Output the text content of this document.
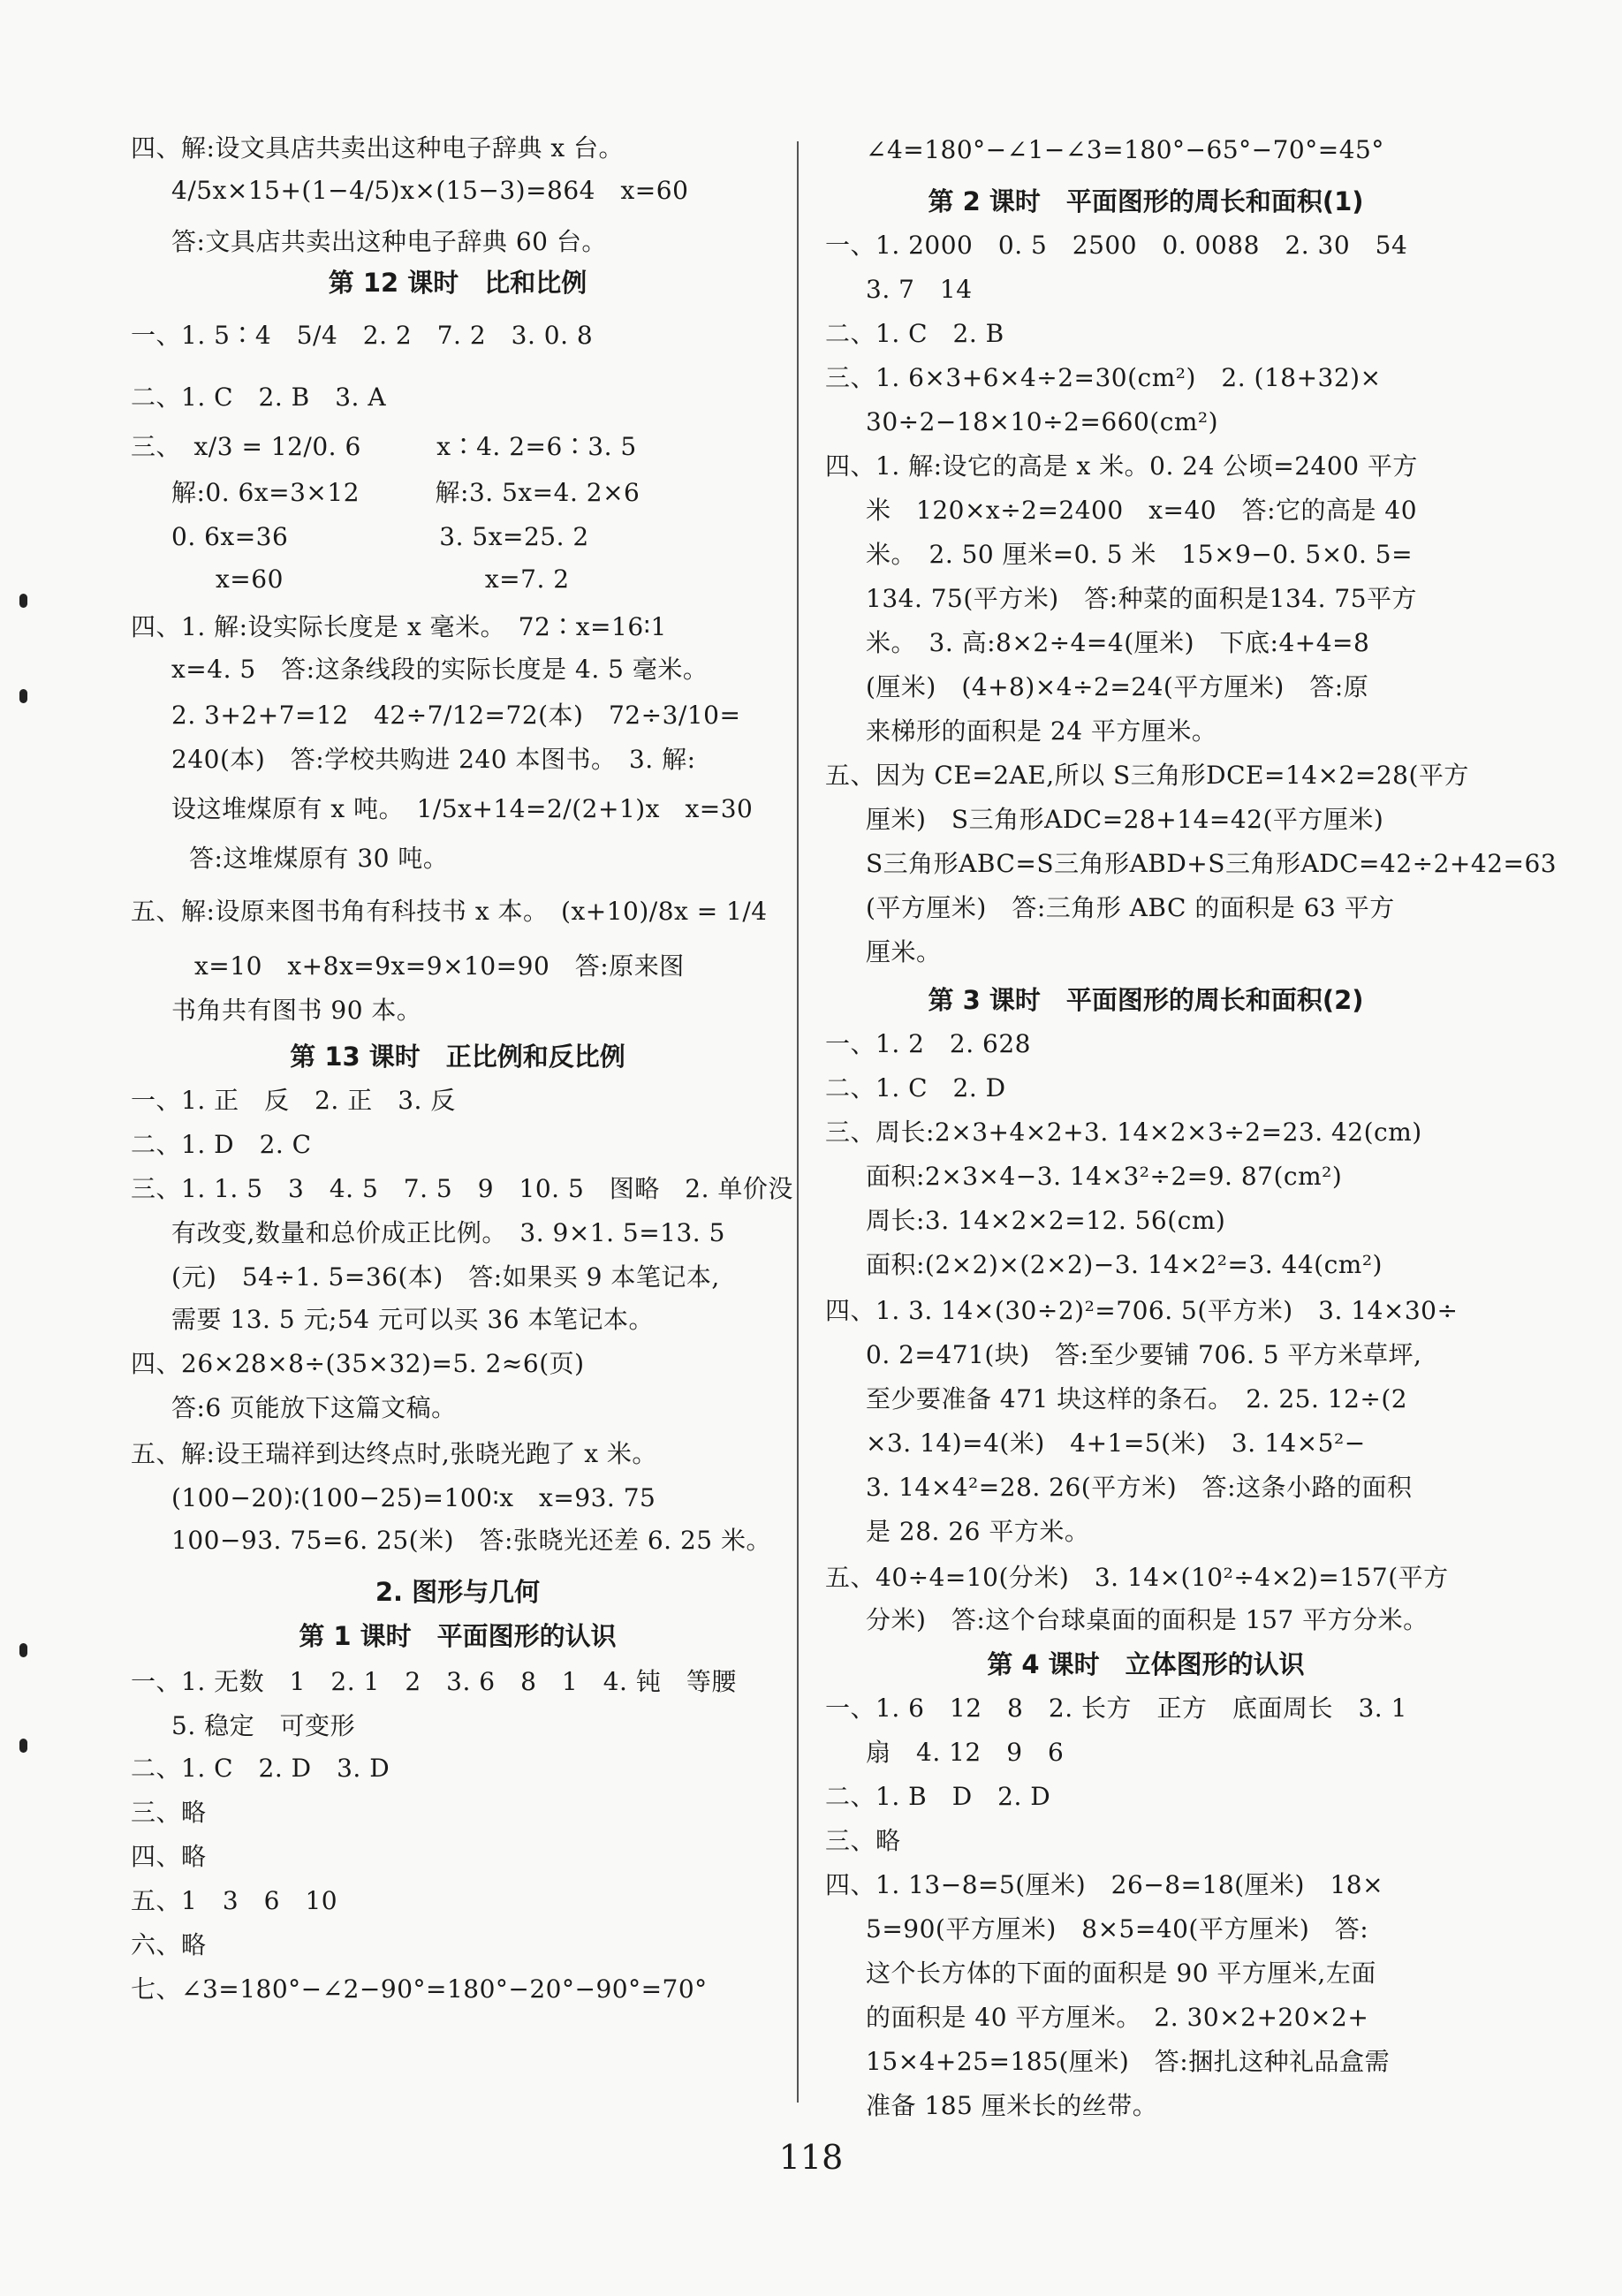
四、解:设文具店共卖出这种电子辞典 x 台。
4/5x×15+(1−4/5)x×(15−3)=864　x=60
答:文具店共卖出这种电子辞典 60 台。
第 12 课时　比和比例
一、1. 5∶4　5/4　2. 2　7. 2　3. 0. 8
二、1. C　2. B　3. A
三、　x/3 = 12/0. 6　　　x∶4. 2=6∶3. 5
解:0. 6x=3×12　　　解:3. 5x=4. 2×6
0. 6x=36　　　　　　3. 5x=25. 2
x=60　　　　　　　　x=7. 2
四、1. 解:设实际长度是 x 毫米。　72∶x=16∶1
x=4. 5　答:这条线段的实际长度是 4. 5 毫米。
2. 3+2+7=12　42÷7/12=72(本)　72÷3/10=
240(本)　答:学校共购进 240 本图书。　3. 解:
设这堆煤原有 x 吨。　1/5x+14=2/(2+1)x　x=30
答:这堆煤原有 30 吨。
五、解:设原来图书角有科技书 x 本。　(x+10)/8x = 1/4
x=10　x+8x=9x=9×10=90　答:原来图
书角共有图书 90 本。
第 13 课时　正比例和反比例
一、1. 正　反　2. 正　3. 反
二、1. D　2. C
三、1. 1. 5　3　4. 5　7. 5　9　10. 5　图略　2. 单价没
有改变,数量和总价成正比例。　3. 9×1. 5=13. 5
(元)　54÷1. 5=36(本)　答:如果买 9 本笔记本,
需要 13. 5 元;54 元可以买 36 本笔记本。
四、26×28×8÷(35×32)=5. 2≈6(页)
答:6 页能放下这篇文稿。
五、解:设王瑞祥到达终点时,张晓光跑了 x 米。
(100−20)∶(100−25)=100∶x　x=93. 75
100−93. 75=6. 25(米)　答:张晓光还差 6. 25 米。
2. 图形与几何
第 1 课时　平面图形的认识
一、1. 无数　1　2. 1　2　3. 6　8　1　4. 钝　等腰
5. 稳定　可变形
二、1. C　2. D　3. D
三、略
四、略
五、1　3　6　10
六、略
七、∠3=180°−∠2−90°=180°−20°−90°=70°
∠4=180°−∠1−∠3=180°−65°−70°=45°
第 2 课时　平面图形的周长和面积(1)
一、1. 2000　0. 5　2500　0. 0088　2. 30　54
3. 7　14
二、1. C　2. B
三、1. 6×3+6×4÷2=30(cm²)　2. (18+32)×
30÷2−18×10÷2=660(cm²)
四、1. 解:设它的高是 x 米。0. 24 公顷=2400 平方
米　120×x÷2=2400　x=40　答:它的高是 40
米。　2. 50 厘米=0. 5 米　15×9−0. 5×0. 5=
134. 75(平方米)　答:种菜的面积是134. 75平方
米。　3. 高:8×2÷4=4(厘米)　下底:4+4=8
(厘米)　(4+8)×4÷2=24(平方厘米)　答:原
来梯形的面积是 24 平方厘米。
五、因为 CE=2AE,所以 S三角形DCE=14×2=28(平方
厘米)　S三角形ADC=28+14=42(平方厘米)
S三角形ABC=S三角形ABD+S三角形ADC=42÷2+42=63
(平方厘米)　答:三角形 ABC 的面积是 63 平方
厘米。
第 3 课时　平面图形的周长和面积(2)
一、1. 2　2. 628
二、1. C　2. D
三、周长:2×3+4×2+3. 14×2×3÷2=23. 42(cm)
面积:2×3×4−3. 14×3²÷2=9. 87(cm²)
周长:3. 14×2×2=12. 56(cm)
面积:(2×2)×(2×2)−3. 14×2²=3. 44(cm²)
四、1. 3. 14×(30÷2)²=706. 5(平方米)　3. 14×30÷
0. 2=471(块)　答:至少要铺 706. 5 平方米草坪,
至少要准备 471 块这样的条石。　2. 25. 12÷(2
×3. 14)=4(米)　4+1=5(米)　3. 14×5²−
3. 14×4²=28. 26(平方米)　答:这条小路的面积
是 28. 26 平方米。
五、40÷4=10(分米)　3. 14×(10²÷4×2)=157(平方
分米)　答:这个台球桌面的面积是 157 平方分米。
第 4 课时　立体图形的认识
一、1. 6　12　8　2. 长方　正方　底面周长　3. 1
扇　4. 12　9　6
二、1. B　D　2. D
三、略
四、1. 13−8=5(厘米)　26−8=18(厘米)　18×
5=90(平方厘米)　8×5=40(平方厘米)　答:
这个长方体的下面的面积是 90 平方厘米,左面
的面积是 40 平方厘米。　2. 30×2+20×2+
15×4+25=185(厘米)　答:捆扎这种礼品盒需
准备 185 厘米长的丝带。
118
